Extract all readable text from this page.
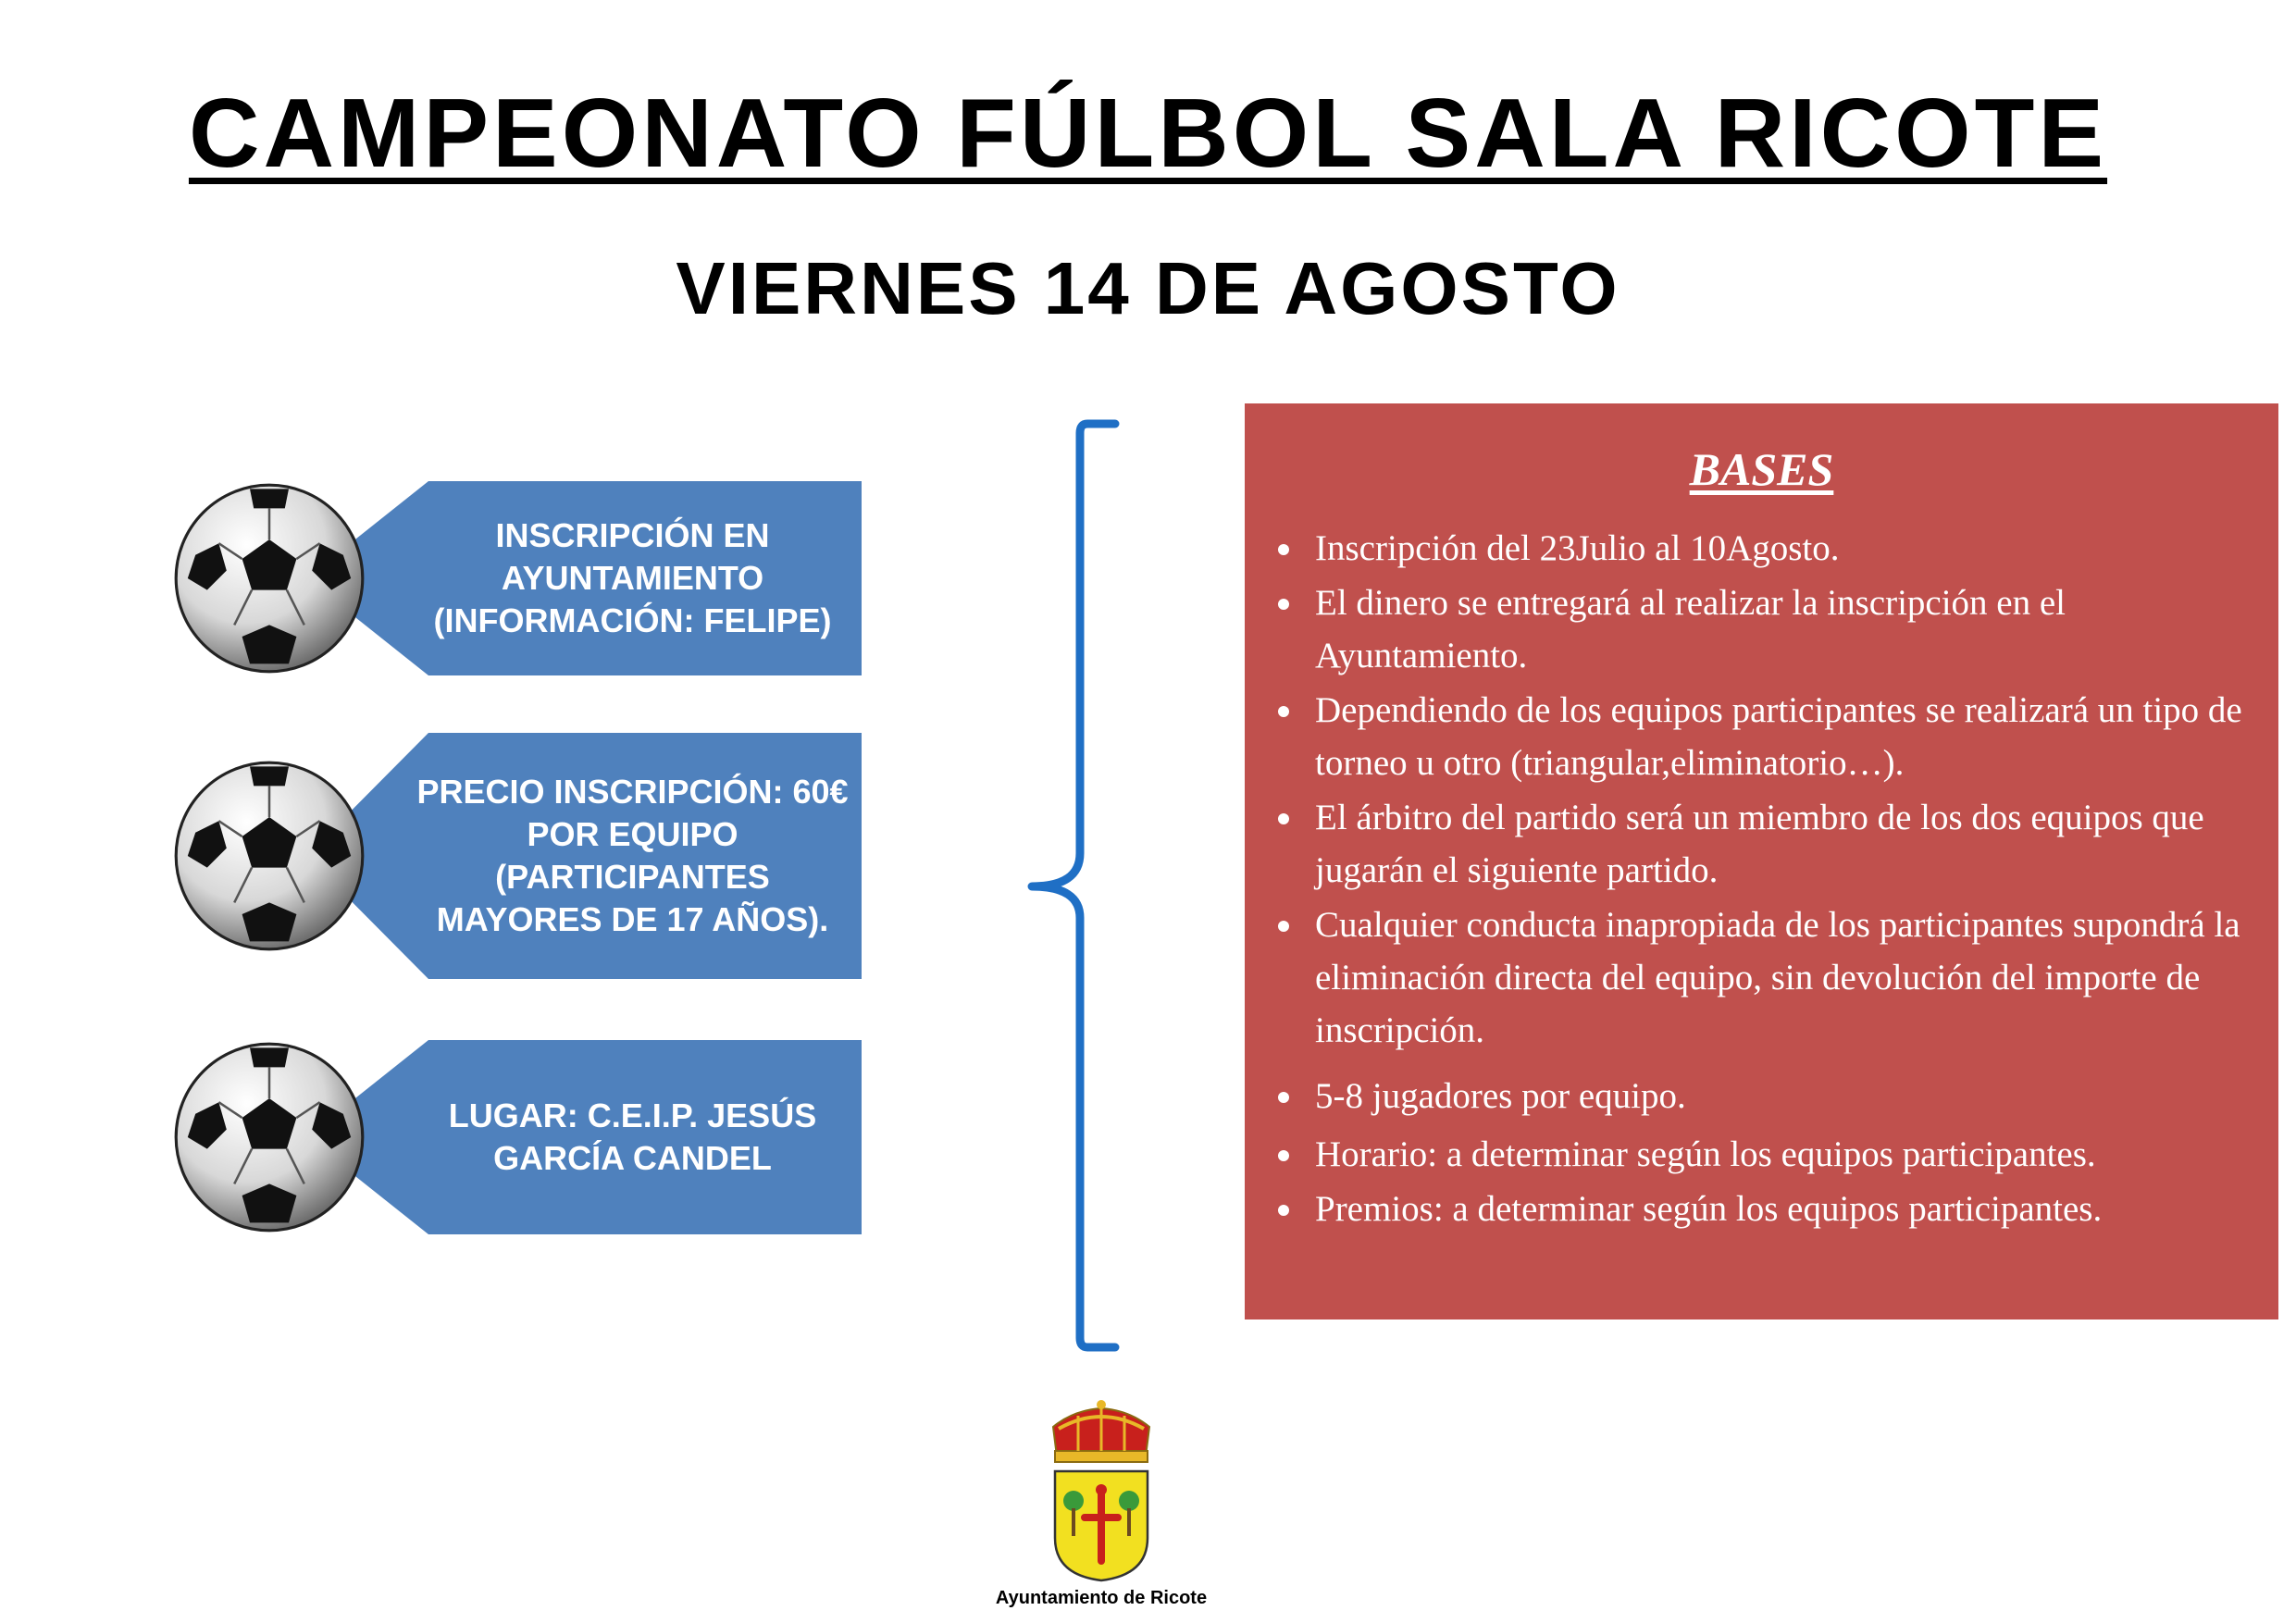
CAMPEONATO FÚLBOL SALA RICOTE
VIERNES 14 DE AGOSTO
INSCRIPCIÓN EN
AYUNTAMIENTO
(INFORMACIÓN: FELIPE)
PRECIO INSCRIPCIÓN: 60€
POR EQUIPO
(PARTICIPANTES
MAYORES DE 17 AÑOS).
LUGAR: C.E.I.P. JESÚS
GARCÍA CANDEL
BASES
Inscripción del 23Julio al 10Agosto.
El dinero se entregará al realizar la inscripción en el Ayuntamiento.
Dependiendo de los equipos participantes se realizará un tipo de torneo u otro (triangular,eliminatorio…).
El árbitro del partido será un miembro de los dos equipos que jugarán el siguiente partido.
Cualquier conducta inapropiada de los participantes supondrá la eliminación directa del equipo, sin devolución del importe de inscripción.
5-8 jugadores por equipo.
Horario: a determinar según los equipos participantes.
Premios: a determinar según los equipos participantes.
Ayuntamiento de Ricote
